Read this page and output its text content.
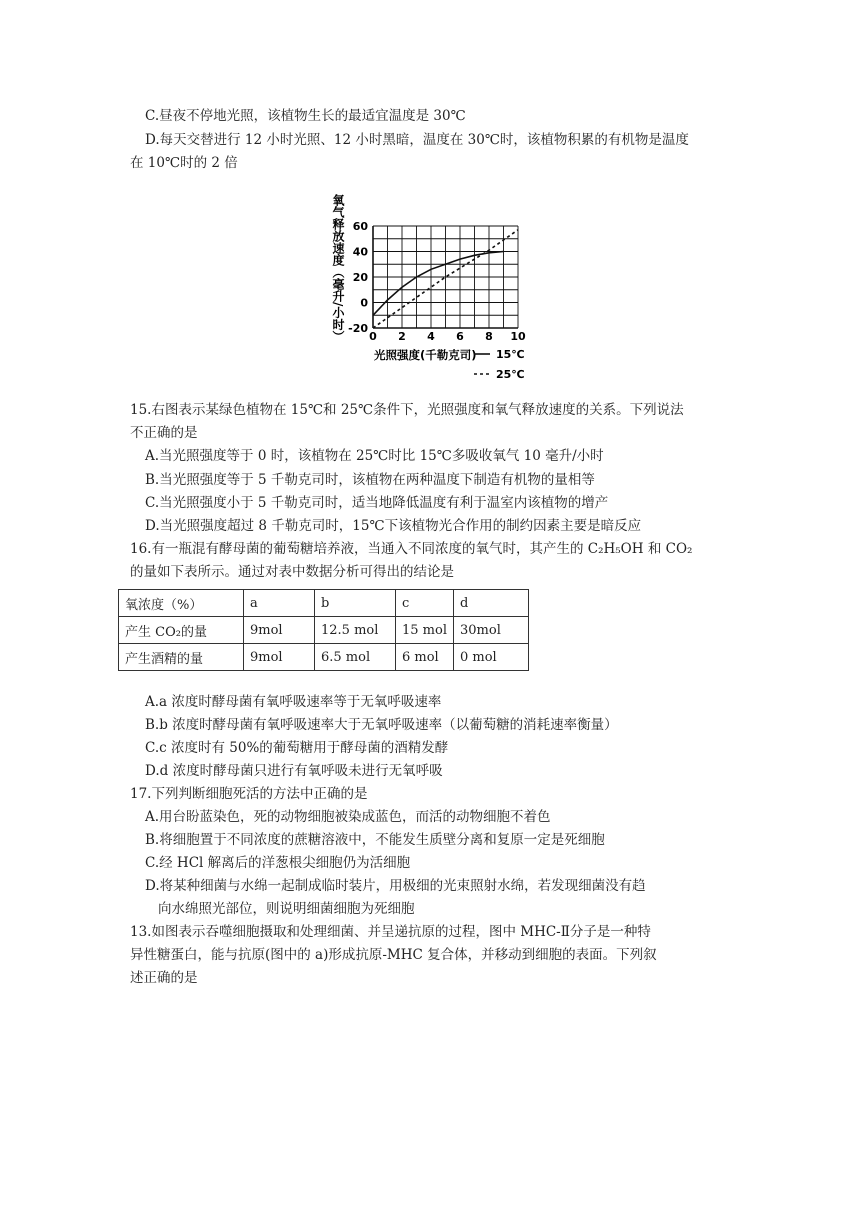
C.昼夜不停地光照，该植物生长的最适宜温度是 30℃
D.每天交替进行 12 小时光照、12 小时黑暗，温度在 30℃时，该植物积累的有机物是温度
在 10℃时的 2 倍
0 2 4 6 8 10
60
40
20
0
-20
氧气释放速度（毫升/小时）
光照强度(千勒克司) 15℃
25℃
15.右图表示某绿色植物在 15℃和 25℃条件下，光照强度和氧气释放速度的关系。下列说法
不正确的是
A.当光照强度等于 0 时，该植物在 25℃时比 15℃多吸收氧气 10 毫升/小时
B.当光照强度等于 5 千勒克司时，该植物在两种温度下制造有机物的量相等
C.当光照强度小于 5 千勒克司时，适当地降低温度有利于温室内该植物的增产
D.当光照强度超过 8 千勒克司时，15℃下该植物光合作用的制约因素主要是暗反应
16.有一瓶混有酵母菌的葡萄糖培养液，当通入不同浓度的氧气时，其产生的 C₂H₅OH 和 CO₂
的量如下表所示。通过对表中数据分析可得出的结论是
氧浓度（%）	a	b	c	d
产生 CO₂的量	9mol	12.5 mol	15 mol	30mol
产生酒精的量	9mol	6.5 mol	6 mol	0 mol
A.a 浓度时酵母菌有氧呼吸速率等于无氧呼吸速率
B.b 浓度时酵母菌有氧呼吸速率大于无氧呼吸速率（以葡萄糖的消耗速率衡量）
C.c 浓度时有 50%的葡萄糖用于酵母菌的酒精发酵
D.d 浓度时酵母菌只进行有氧呼吸未进行无氧呼吸
17.下列判断细胞死活的方法中正确的是
A.用台盼蓝染色，死的动物细胞被染成蓝色，而活的动物细胞不着色
B.将细胞置于不同浓度的蔗糖溶液中，不能发生质壁分离和复原一定是死细胞
C.经 HCl 解离后的洋葱根尖细胞仍为活细胞
D.将某种细菌与水绵一起制成临时装片，用极细的光束照射水绵，若发现细菌没有趋
向水绵照光部位，则说明细菌细胞为死细胞
13.如图表示吞噬细胞摄取和处理细菌、并呈递抗原的过程，图中 MHC-Ⅱ分子是一种特
异性糖蛋白，能与抗原(图中的 a)形成抗原-MHC 复合体，并移动到细胞的表面。下列叙
述正确的是
